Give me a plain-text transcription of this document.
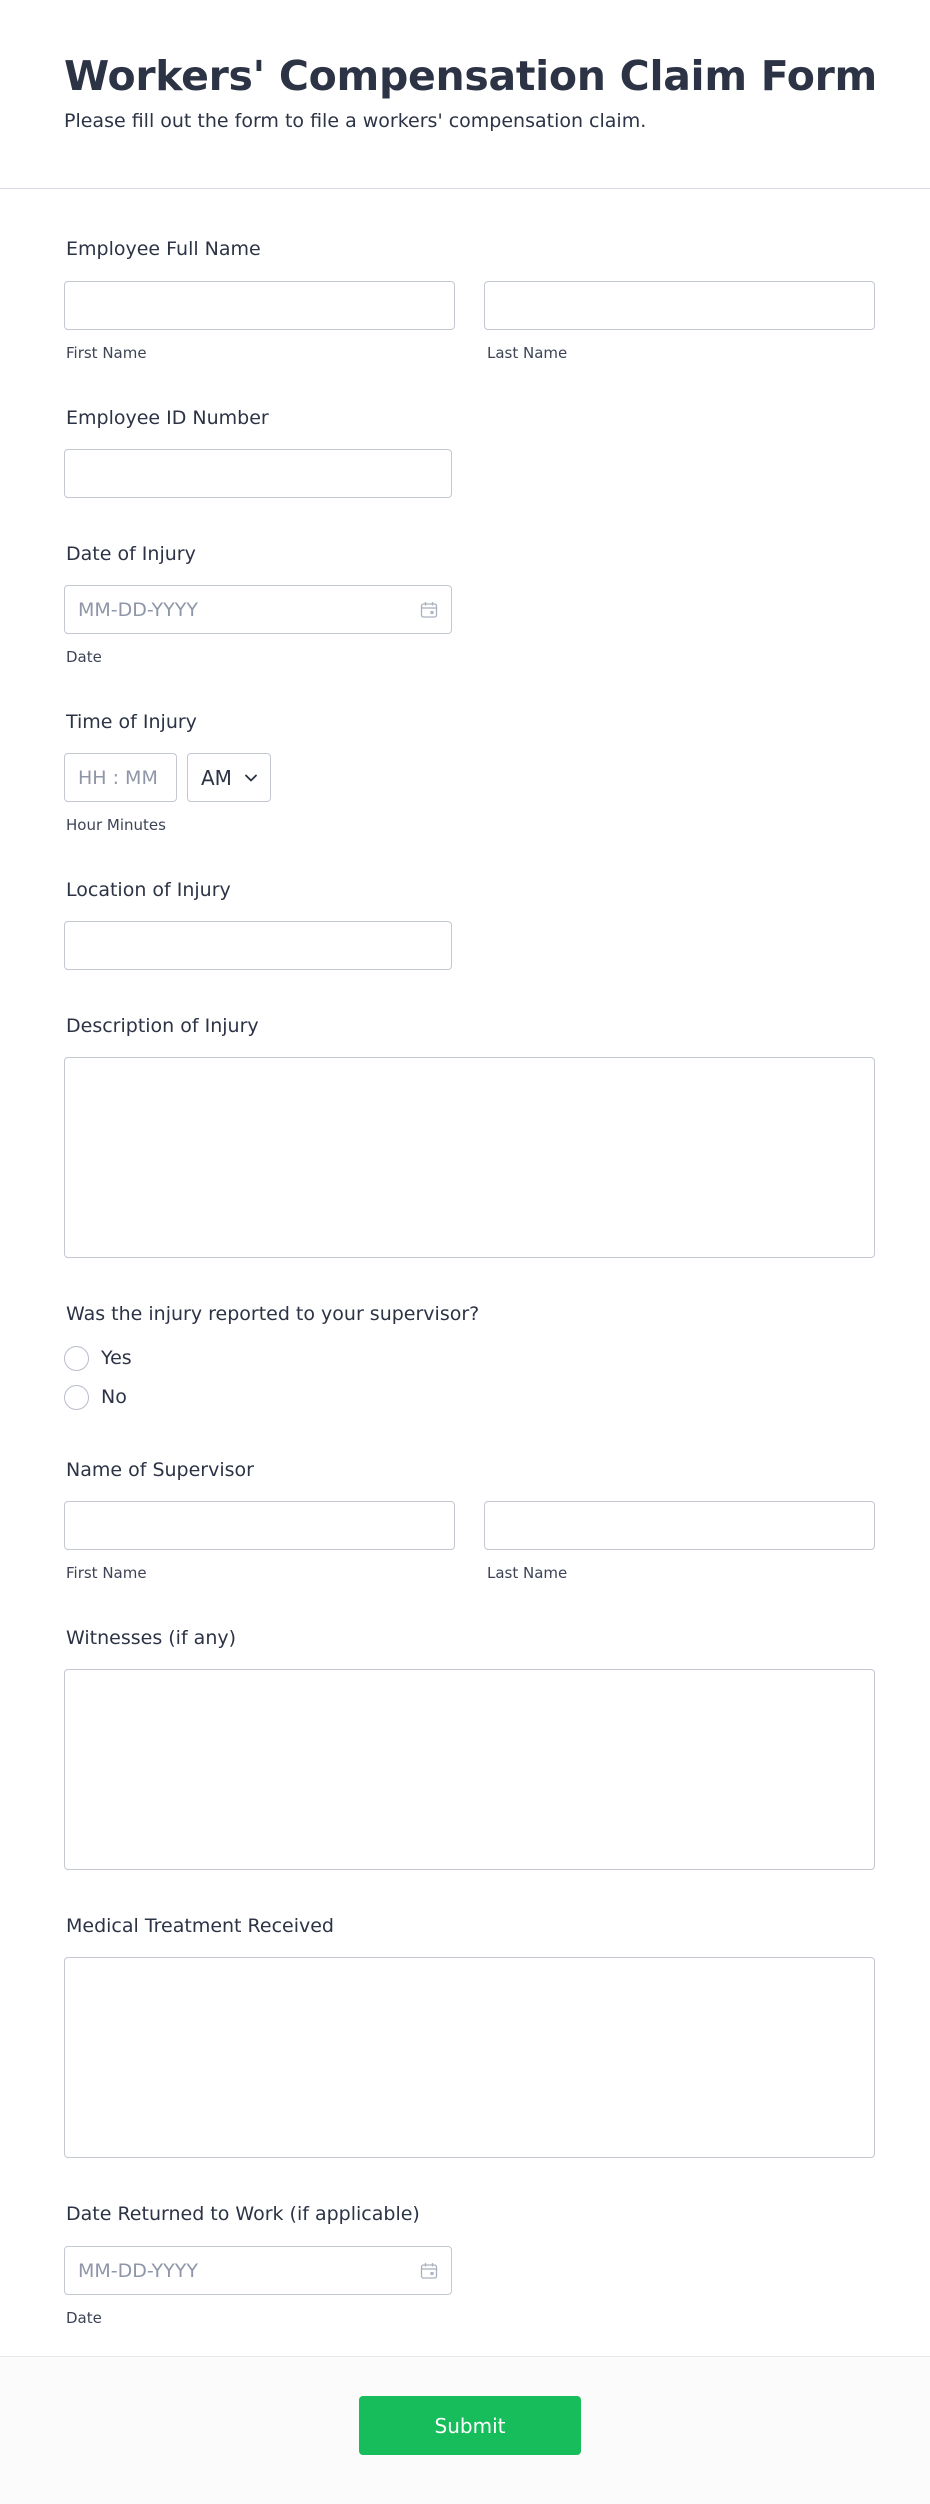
Workers' Compensation Claim Form
Please fill out the form to file a workers' compensation claim.
Employee Full Name
First Name	Last Name
Employee ID Number
Date of Injury
MM-DD-YYYY
Date
Time of Injury
HH : MM AM
Hour Minutes
Location of Injury
Description of Injury
Was the injury reported to your supervisor?
Yes
No
Name of Supervisor
First Name	Last Name
Witnesses (if any)
Medical Treatment Received
Date Returned to Work (if applicable)
MM-DD-YYYY
Date
Submit
